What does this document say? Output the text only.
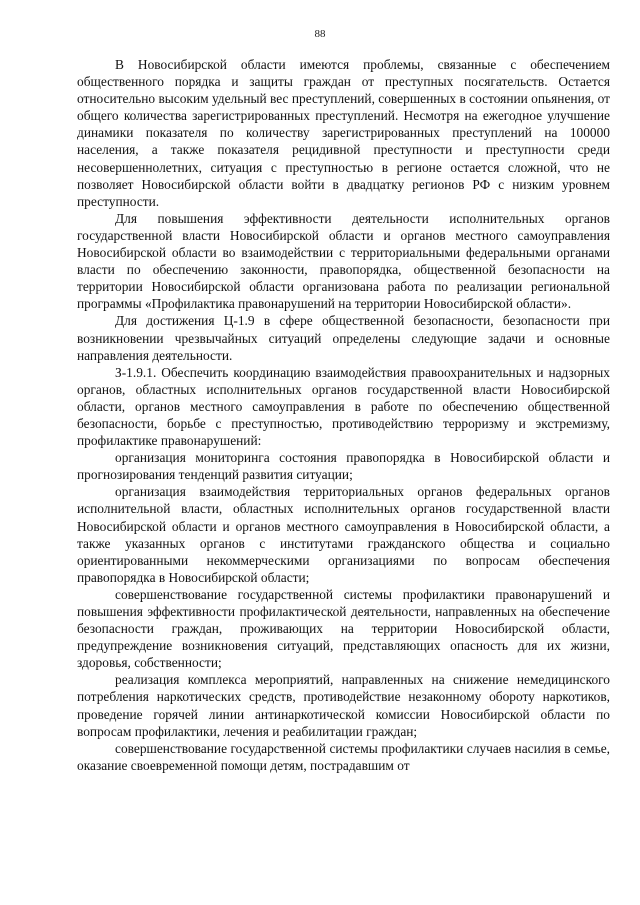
88

В Новосибирской области имеются проблемы, связанные с обеспечением общественного порядка и защиты граждан от преступных посягательств. Остается относительно высоким удельный вес преступлений, совершенных в состоянии опьянения, от общего количества зарегистрированных преступлений. Несмотря на ежегодное улучшение динамики показателя по количеству зарегистрированных преступлений на 100000 населения, а также показателя рецидивной преступности и преступности среди несовершеннолетних, ситуация с преступностью в регионе остается сложной, что не позволяет Новосибирской области войти в двадцатку регионов РФ с низким уровнем преступности.

Для повышения эффективности деятельности исполнительных органов государственной власти Новосибирской области и органов местного самоуправления Новосибирской области во взаимодействии с территориальными федеральными органами власти по обеспечению законности, правопорядка, общественной безопасности на территории Новосибирской области организована работа по реализации региональной программы «Профилактика правонарушений на территории Новосибирской области».

Для достижения Ц-1.9 в сфере общественной безопасности, безопасности при возникновении чрезвычайных ситуаций определены следующие задачи и основные направления деятельности.

З-1.9.1. Обеспечить координацию взаимодействия правоохранительных и надзорных органов, областных исполнительных органов государственной власти Новосибирской области, органов местного самоуправления в работе по обеспечению общественной безопасности, борьбе с преступностью, противодействию терроризму и экстремизму, профилактике правонарушений:

организация мониторинга состояния правопорядка в Новосибирской области и прогнозирования тенденций развития ситуации;

организация взаимодействия территориальных органов федеральных органов исполнительной власти, областных исполнительных органов государственной власти Новосибирской области и органов местного самоуправления в Новосибирской области, а также указанных органов с институтами гражданского общества и социально ориентированными некоммерческими организациями по вопросам обеспечения правопорядка в Новосибирской области;

совершенствование государственной системы профилактики правонарушений и повышения эффективности профилактической деятельности, направленных на обеспечение безопасности граждан, проживающих на территории Новосибирской области, предупреждение возникновения ситуаций, представляющих опасность для их жизни, здоровья, собственности;

реализация комплекса мероприятий, направленных на снижение немедицинского потребления наркотических средств, противодействие незаконному обороту наркотиков, проведение горячей линии антинаркотической комиссии Новосибирской области по вопросам профилактики, лечения и реабилитации граждан;

совершенствование государственной системы профилактики случаев насилия в семье, оказание своевременной помощи детям, пострадавшим от
